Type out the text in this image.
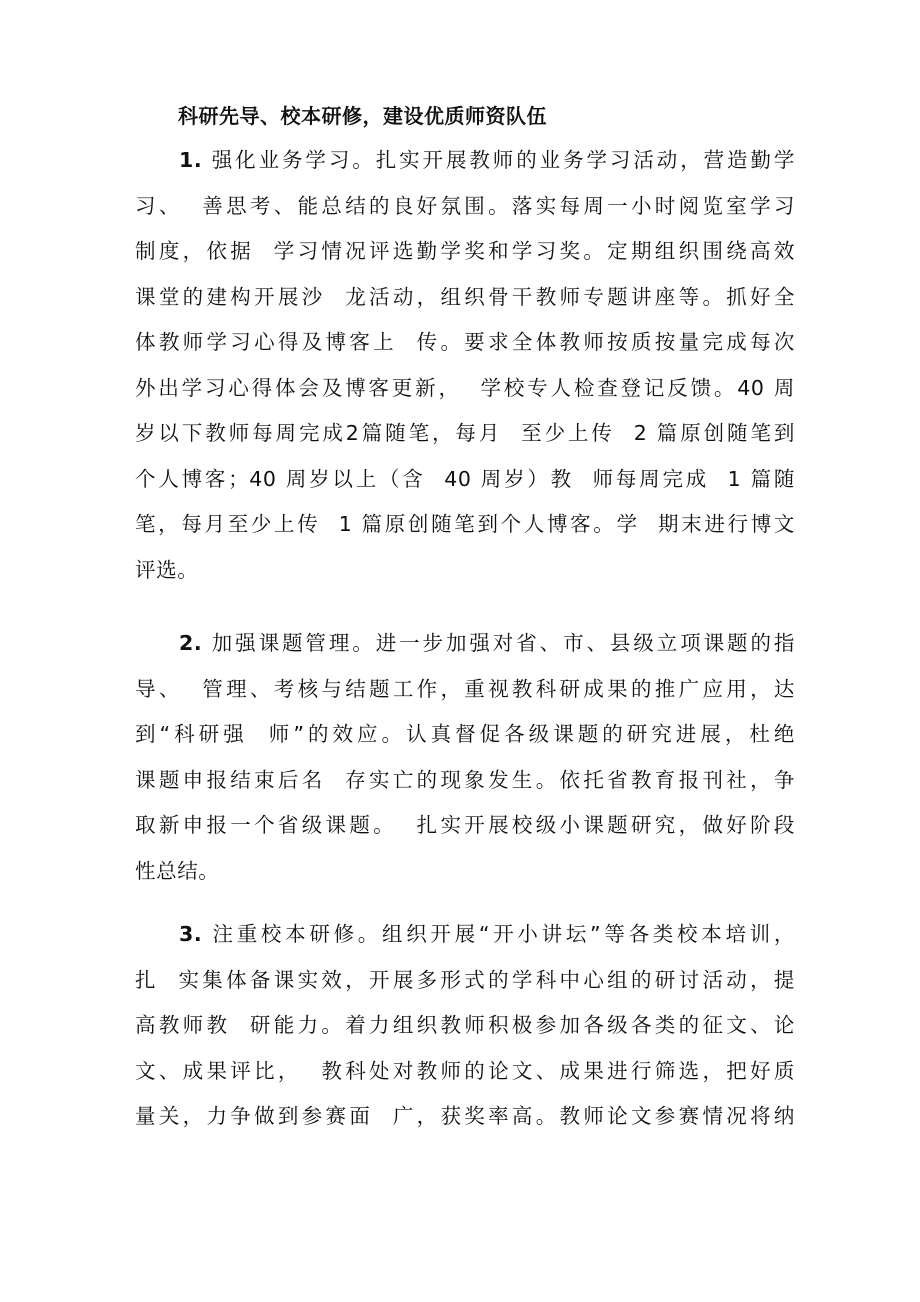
科研先导、校本研修，建设优质师资队伍
1. 强化业务学习。扎实开展教师的业务学习活动，营造勤学
习、  善思考、能总结的良好氛围。落实每周一小时阅览室学习
制度，依据  学习情况评选勤学奖和学习奖。定期组织围绕高效
课堂的建构开展沙  龙活动，组织骨干教师专题讲座等。抓好全
体教师学习心得及博客上  传。要求全体教师按质按量完成每次
外出学习心得体会及博客更新，  学校专人检查登记反馈。40 周
岁以下教师每周完成2篇随笔，每月  至少上传  2 篇原创随笔到
个人博客；40 周岁以上（含  40 周岁）教  师每周完成  1 篇随
笔，每月至少上传  1 篇原创随笔到个人博客。学  期末进行博文
评选。
2. 加强课题管理。进一步加强对省、市、县级立项课题的指
导、  管理、考核与结题工作，重视教科研成果的推广应用，达
到“科研强  师”的效应。认真督促各级课题的研究进展，杜绝
课题申报结束后名  存实亡的现象发生。依托省教育报刊社，争
取新申报一个省级课题。  扎实开展校级小课题研究，做好阶段
性总结。
3. 注重校本研修。组织开展“开小讲坛”等各类校本培训，
扎  实集体备课实效，开展多形式的学科中心组的研讨活动，提
高教师教  研能力。着力组织教师积极参加各级各类的征文、论
文、成果评比，  教科处对教师的论文、成果进行筛选，把好质
量关，力争做到参赛面  广，获奖率高。教师论文参赛情况将纳
